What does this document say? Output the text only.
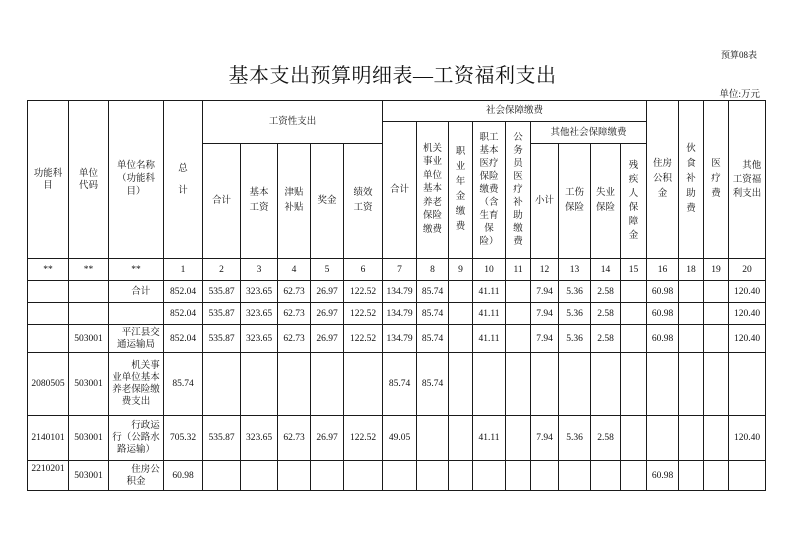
预算08表
基本支出预算明细表—工资福利支出
单位:万元
功能科目	单位代码	单位名称（功能科目）	总计	工资性支出					社会保障缴费									住房公积金	伙食补助费	医疗费	其他工资福利支出
									合计	机关事业单位基本养老保险缴费	职业年金缴费	职工基本医疗保险缴费（含生育保险）	公务员医疗补助缴费	其他社会保障缴费							
				合计	基本工资	津贴补贴	奖金	绩效工资						小计	工伤保险	失业保险	残疾人保障金				
**	**	**	1	2	3	4	5	6	7	8	9	10	11	12	13	14	15	16	18	19	20
		合计	852.04	535.87	323.65	62.73	26.97	122.52	134.79	85.74		41.11		7.94	5.36	2.58		60.98			120.40
			852.04	535.87	323.65	62.73	26.97	122.52	134.79	85.74		41.11		7.94	5.36	2.58		60.98			120.40
	503001	平江县交通运输局	852.04	535.87	323.65	62.73	26.97	122.52	134.79	85.74		41.11		7.94	5.36	2.58		60.98			120.40
2080505	503001	机关事业单位基本养老保险缴费支出	85.74						85.74	85.74											
2140101	503001	行政运行（公路水路运输）	705.32	535.87	323.65	62.73	26.97	122.52	49.05			41.11		7.94	5.36	2.58					120.40
2210201	503001	住房公积金	60.98															60.98			
